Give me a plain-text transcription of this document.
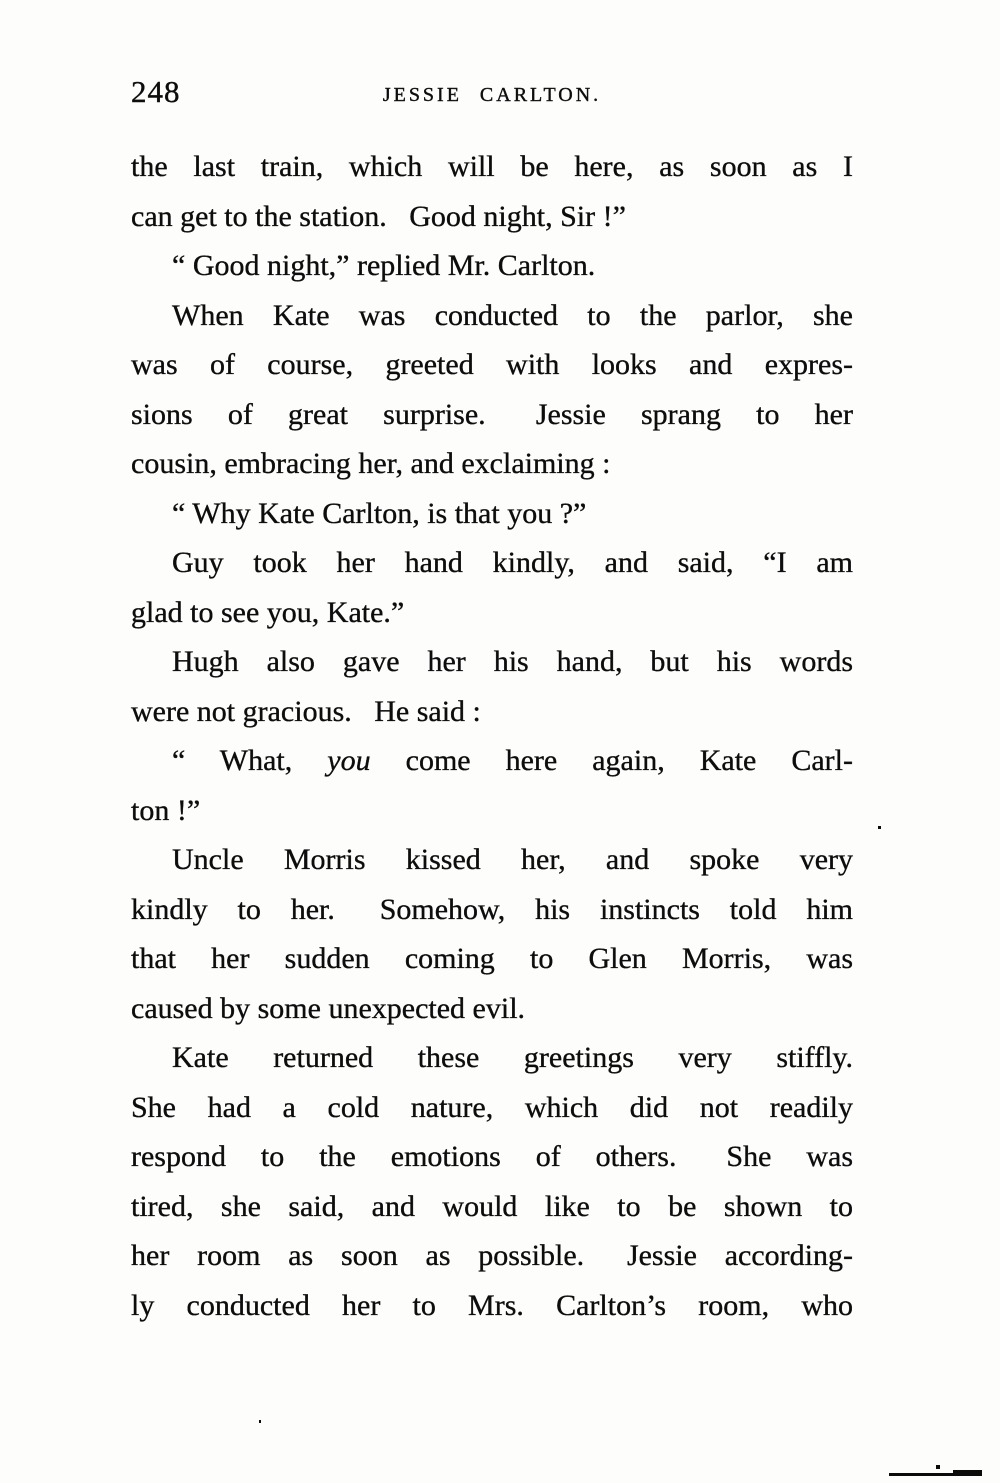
248	JESSIE CARLTON.
the last train, which will be here, as soon as I
can get to the station.  Good night, Sir !”
“ Good night,” replied Mr. Carlton.
When Kate was conducted to the parlor, she
was of course, greeted with looks and expres-
sions of great surprise.  Jessie sprang to her
cousin, embracing her, and exclaiming :
“ Why Kate Carlton, is that you ?”
Guy took her hand kindly, and said, “I am
glad to see you, Kate.”
Hugh also gave her his hand, but his words
were not gracious.  He said :
“ What, you come here again, Kate Carl-
ton !”
Uncle Morris kissed her, and spoke very
kindly to her.  Somehow, his instincts told him
that her sudden coming to Glen Morris, was
caused by some unexpected evil.
Kate returned these greetings very stiffly.
She had a cold nature, which did not readily
respond to the emotions of others.  She was
tired, she said, and would like to be shown to
her room as soon as possible.  Jessie according-
ly conducted her to Mrs. Carlton’s room, who
